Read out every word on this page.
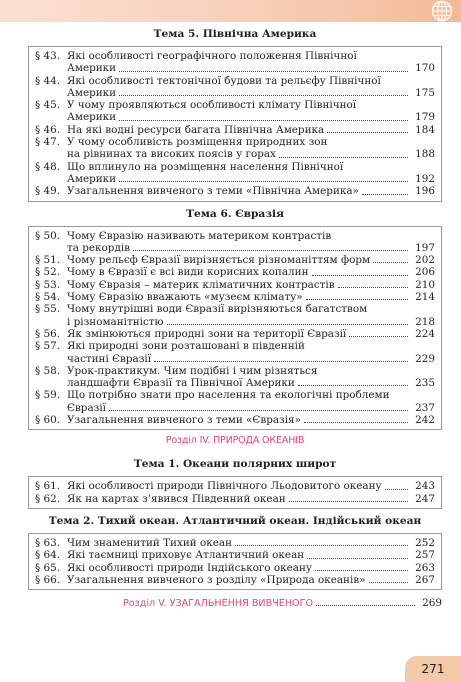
Тема 5. Північна Америка
§ 43. Які особливості географічного положення Північної
Америки	170
§ 44. Які особливості тектонічної будови та рельєфу Північної
Америки	175
§ 45. У чому проявляються особливості клімату Північної
Америки	179
§ 46. На які водні ресурси багата Північна Америка	184
§ 47. У чому особливість розміщення природних зон
на рівнинах та високих поясів у горах	188
§ 48. Що вплинуло на розміщення населення Північної
Америки	192
§ 49. Узагальнення вивченого з теми «Північна Америка»	196
Тема 6. Євразія
§ 50. Чому Євразію називають материком контрастів
та рекордів	197
§ 51. Чому рельєф Євразії вирізняється різноманіттям форм	202
§ 52. Чому в Євразії є всі види корисних копалин	206
§ 53. Чому Євразія – материк кліматичних контрастів	210
§ 54. Чому Євразію вважають «музеєм клімату»	214
§ 55. Чому внутрішні води Євразії вирізняються багатством
і різноманітністю	218
§ 56. Як змінюються природні зони на території Євразії	224
§ 57. Які природні зони розташовані в південній
частині Євразії	229
§ 58. Урок-практикум. Чим подібні і чим різняться
ландшафти Євразії та Північної Америки	235
§ 59. Що потрібно знати про населення та екологічні проблеми
Євразії	237
§ 60. Узагальнення вивченого з теми «Євразія»	242
Розділ IV. ПРИРОДА ОКЕАНІВ
Тема 1. Океани полярних широт
§ 61. Які особливості природи Північного Льодовитого океану	243
§ 62. Як на картах з’явився Південний океан	247
Тема 2. Тихий океан. Атлантичний океан. Індійський океан
§ 63. Чим знаменитий Тихий океан	252
§ 64. Які таємниці приховує Атлантичний океан	257
§ 65. Які особливості природи Індійського океану	263
§ 66. Узагальнення вивченого з розділу «Природа океанів»	267
Розділ V. УЗАГАЛЬНЕННЯ ВИВЧЕНОГО	269
271
